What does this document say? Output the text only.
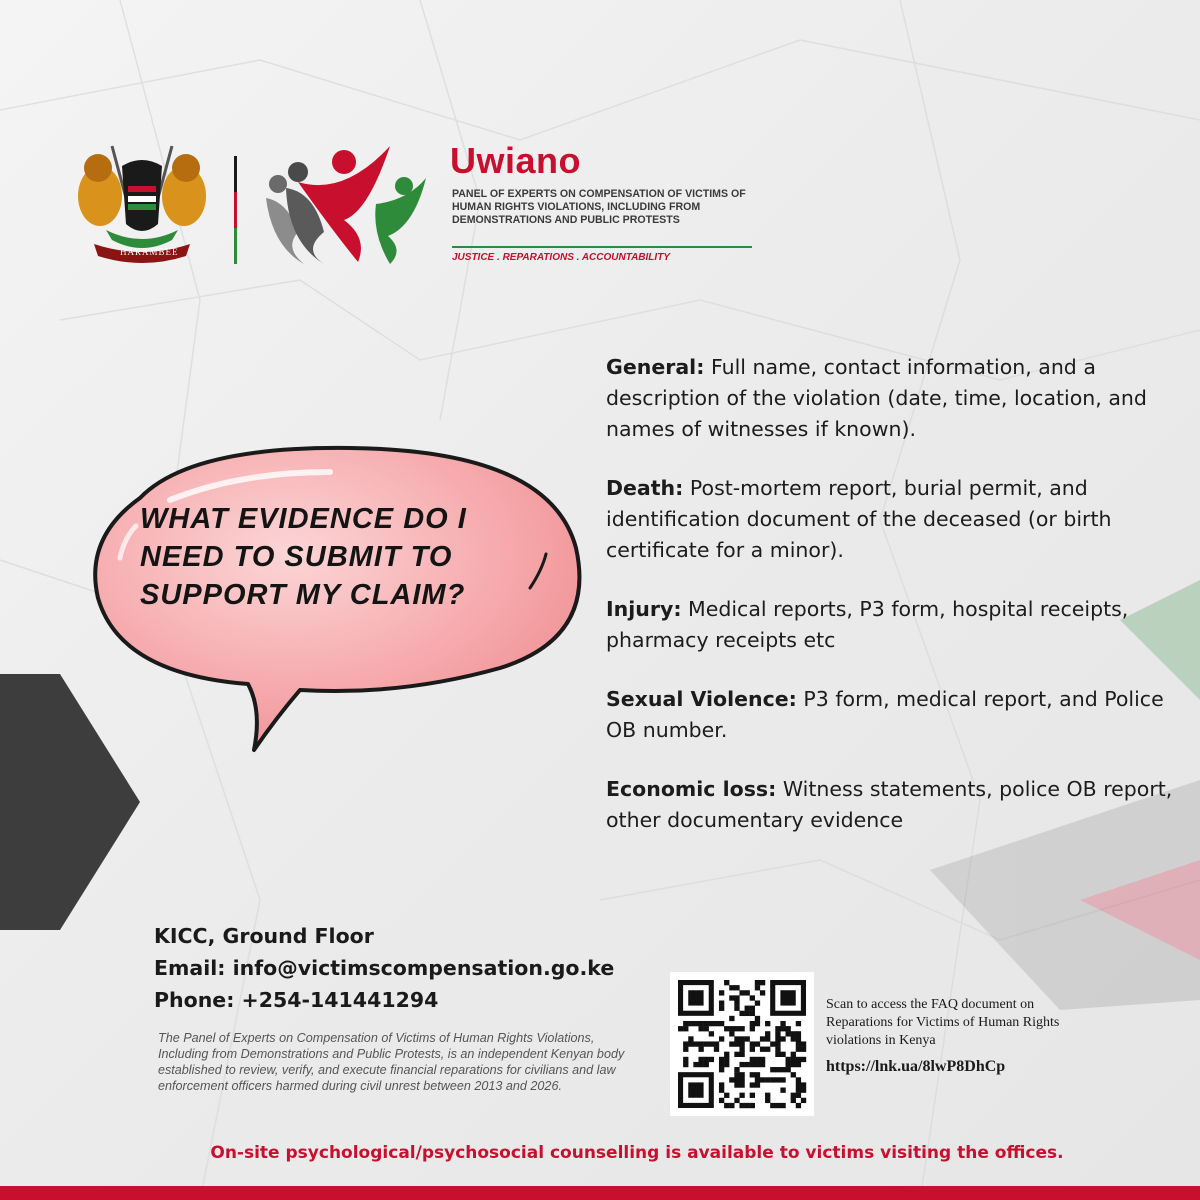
HARAMBEE
Uwiano
PANEL OF EXPERTS ON COMPENSATION OF VICTIMS OF HUMAN RIGHTS VIOLATIONS, INCLUDING FROM DEMONSTRATIONS AND PUBLIC PROTESTS
JUSTICE . REPARATIONS . ACCOUNTABILITY
WHAT EVIDENCE DO I NEED TO SUBMIT TO SUPPORT MY CLAIM?

General: Full name, contact information, and a description of the violation (date, time, location, and names of witnesses if known).

Death: Post-mortem report, burial permit, and identification document of the deceased (or birth certificate for a minor).

Injury: Medical reports, P3 form, hospital receipts, pharmacy receipts etc

Sexual Violence: P3 form, medical report, and Police OB number.

Economic loss: Witness statements, police OB report, other documentary evidence

KICC, Ground Floor
Email: info@victimscompensation.go.ke
Phone: +254-141441294
The Panel of Experts on Compensation of Victims of Human Rights Violations, Including from Demonstrations and Public Protests, is an independent Kenyan body established to review, verify, and execute financial reparations for civilians and law enforcement officers harmed during civil unrest between 2013 and 2026.
Scan to access the FAQ document on Reparations for Victims of Human Rights violations in Kenya
https://lnk.ua/8lwP8DhCp
On-site psychological/psychosocial counselling is available to victims visiting the offices.
